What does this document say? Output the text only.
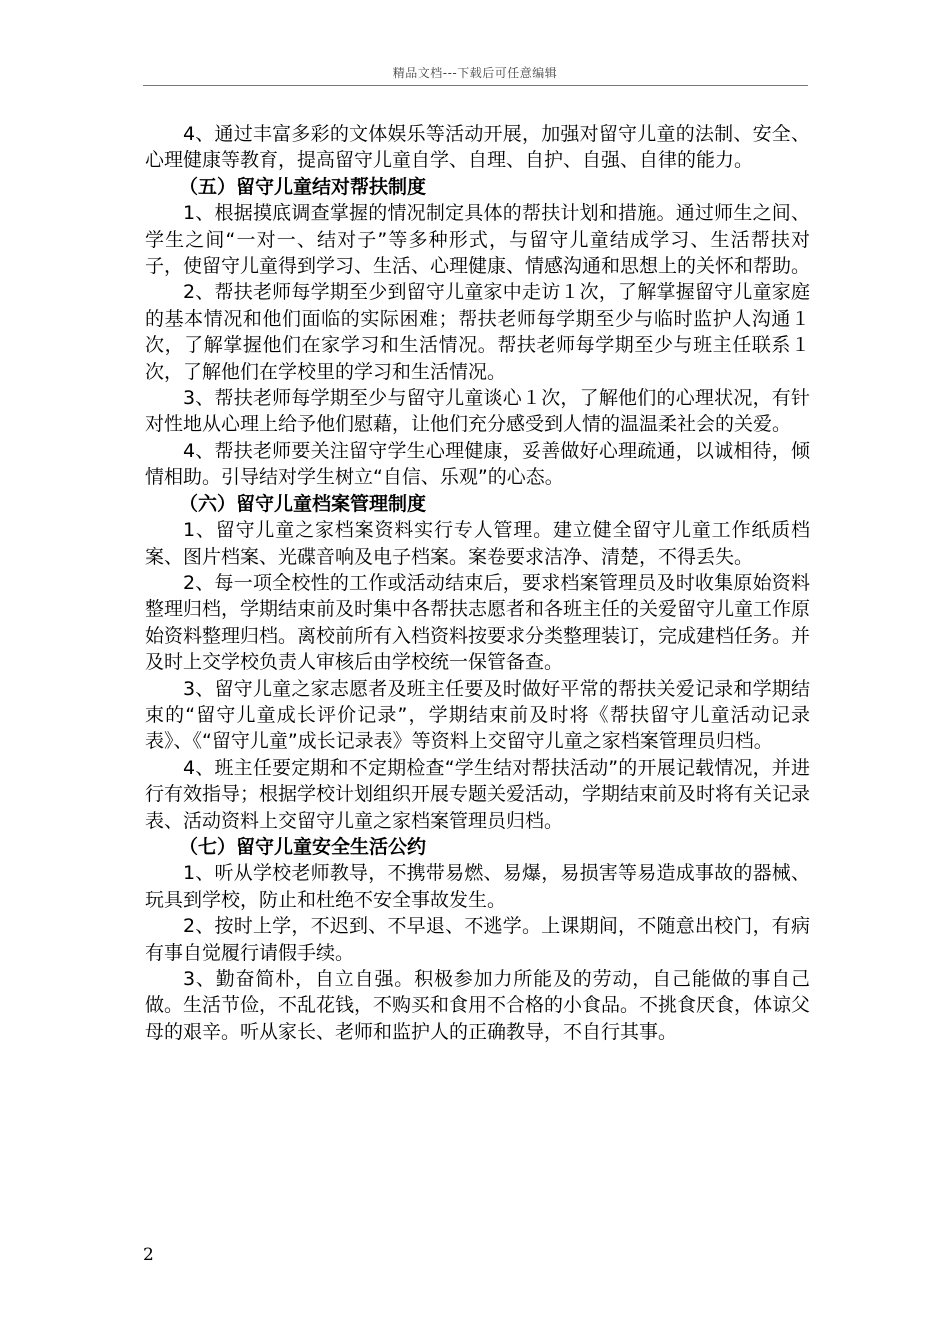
精品文档---下载后可任意编辑

4、通过丰富多彩的文体娱乐等活动开展，加强对留守儿童的法制、安全、心理健康等教育，提高留守儿童自学、自理、自护、自强、自律的能力。

（五）留守儿童结对帮扶制度

1、根据摸底调查掌握的情况制定具体的帮扶计划和措施。通过师生之间、学生之间“一对一、结对子”等多种形式，与留守儿童结成学习、生活帮扶对子，使留守儿童得到学习、生活、心理健康、情感沟通和思想上的关怀和帮助。

2、帮扶老师每学期至少到留守儿童家中走访１次，了解掌握留守儿童家庭的基本情况和他们面临的实际困难；帮扶老师每学期至少与临时监护人沟通１次，了解掌握他们在家学习和生活情况。帮扶老师每学期至少与班主任联系１次，了解他们在学校里的学习和生活情况。

3、帮扶老师每学期至少与留守儿童谈心１次，了解他们的心理状况，有针对性地从心理上给予他们慰藉，让他们充分感受到人情的温温柔社会的关爱。

4、帮扶老师要关注留守学生心理健康，妥善做好心理疏通，以诚相待，倾情相助。引导结对学生树立“自信、乐观”的心态。

（六）留守儿童档案管理制度

1、留守儿童之家档案资料实行专人管理。建立健全留守儿童工作纸质档案、图片档案、光碟音响及电子档案。案卷要求洁净、清楚，不得丢失。

2、每一项全校性的工作或活动结束后，要求档案管理员及时收集原始资料整理归档，学期结束前及时集中各帮扶志愿者和各班主任的关爱留守儿童工作原始资料整理归档。离校前所有入档资料按要求分类整理装订，完成建档任务。并及时上交学校负责人审核后由学校统一保管备查。

3、留守儿童之家志愿者及班主任要及时做好平常的帮扶关爱记录和学期结束的“留守儿童成长评价记录”，学期结束前及时将《帮扶留守儿童活动记录表》、《“留守儿童”成长记录表》等资料上交留守儿童之家档案管理员归档。

4、班主任要定期和不定期检查“学生结对帮扶活动”的开展记载情况，并进行有效指导；根据学校计划组织开展专题关爱活动，学期结束前及时将有关记录表、活动资料上交留守儿童之家档案管理员归档。

（七）留守儿童安全生活公约

1、听从学校老师教导，不携带易燃、易爆，易损害等易造成事故的器械、玩具到学校，防止和杜绝不安全事故发生。

2、按时上学，不迟到、不早退、不逃学。上课期间，不随意出校门，有病有事自觉履行请假手续。

3、勤奋简朴，自立自强。积极参加力所能及的劳动，自己能做的事自己做。生活节俭，不乱花钱，不购买和食用不合格的小食品。不挑食厌食，体谅父母的艰辛。听从家长、老师和监护人的正确教导，不自行其事。

2
